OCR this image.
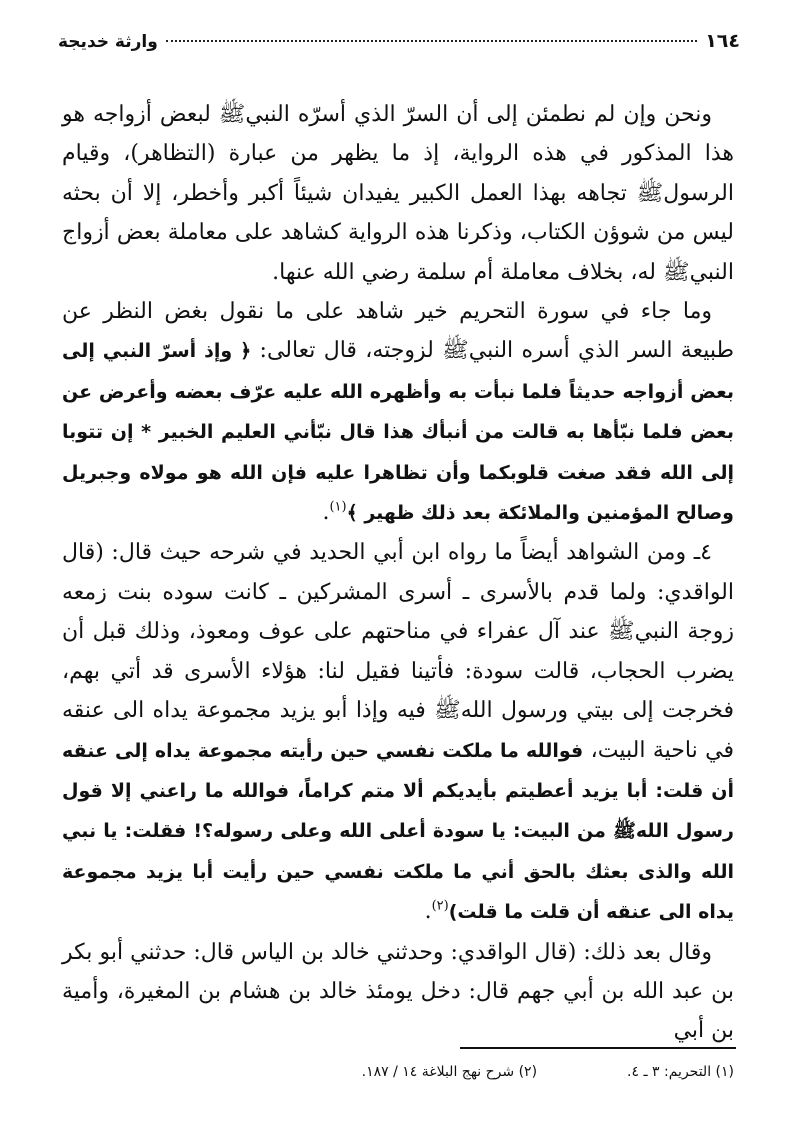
١٦٤
وارثة خديجة

ونحن وإن لم نطمئن إلى أن السرّ الذي أسرّه النبيﷺ لبعض أزواجه هو هذا المذكور في هذه الرواية، إذ ما يظهر من عبارة (التظاهر)، وقيام الرسولﷺ تجاهه بهذا العمل الكبير يفيدان شيئاً أكبر وأخطر، إلا أن بحثه ليس من شوؤن الكتاب، وذكرنا هذه الرواية كشاهد على معاملة بعض أزواج النبيﷺ له، بخلاف معاملة أم سلمة رضي الله عنها.

وما جاء في سورة التحريم خير شاهد على ما نقول بغض النظر عن طبيعة السر الذي أسره النبيﷺ لزوجته، قال تعالى: ﴿ وإذ أسرّ النبي إلى بعض أزواجه حديثاً فلما نبأت به وأظهره الله عليه عرّف بعضه وأعرض عن بعض فلما نبّأها به قالت من أنبأك هذا قال نبّأني العليم الخبير * إن تتوبا إلى الله فقد صغت قلوبكما وأن تظاهرا عليه فإن الله هو مولاه وجبريل وصالح المؤمنين والملائكة بعد ذلك ظهير ﴾$^{(١)}$.

٤ـ ومن الشواهد أيضاً ما رواه ابن أبي الحديد في شرحه حيث قال: (قال الواقدي: ولما قدم بالأسرى ـ أسرى المشركين ـ كانت سوده بنت زمعه زوجة النبيﷺ عند آل عفراء في مناحتهم على عوف ومعوذ، وذلك قبل أن يضرب الحجاب، قالت سودة: فأتينا فقيل لنا: هؤلاء الأسرى قد أتي بهم، فخرجت إلى بيتي ورسول اللهﷺ فيه وإذا أبو يزيد مجموعة يداه الى عنقه في ناحية البيت، فوالله ما ملكت نفسي حين رأيته مجموعة يداه إلى عنقه أن قلت: أبا يزيد أعطيتم بأيديكم ألا متم كراماً، فوالله ما راعني إلا قول رسول اللهﷺ من البيت: يا سودة أعلى الله وعلى رسوله؟! فقلت: يا نبي الله والذى بعثك بالحق أني ما ملكت نفسي حين رأيت أبا يزيد مجموعة يداه الى عنقه أن قلت ما قلت)$^{(٢)}$.

وقال بعد ذلك: (قال الواقدي: وحدثني خالد بن الياس قال: حدثني أبو بكر بن عبد الله بن أبي جهم قال: دخل يومئذ خالد بن هشام بن المغيرة، وأمية بن أبي

(١) التحريم: ٣ ـ ٤.
(٢) شرح نهج البلاغة ١٤ / ١٨٧.
